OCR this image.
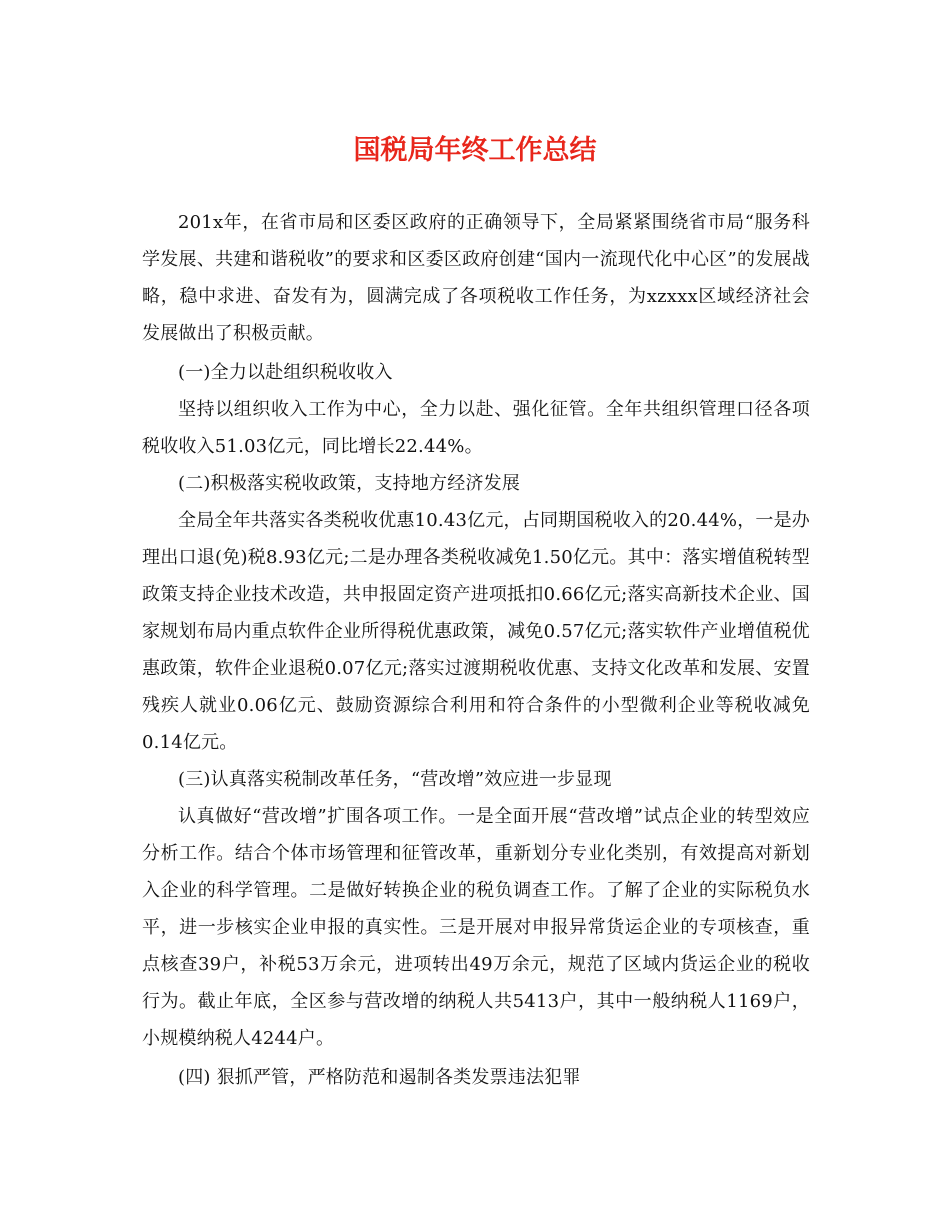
国税局年终工作总结

201x年，在省市局和区委区政府的正确领导下，全局紧紧围绕省市局“服务科学发展、共建和谐税收”的要求和区委区政府创建“国内一流现代化中心区”的发展战略，稳中求进、奋发有为，圆满完成了各项税收工作任务，为xzxxx区域经济社会发展做出了积极贡献。

(一)全力以赴组织税收收入

坚持以组织收入工作为中心，全力以赴、强化征管。全年共组织管理口径各项税收收入51.03亿元，同比增长22.44%。

(二)积极落实税收政策，支持地方经济发展

全局全年共落实各类税收优惠10.43亿元，占同期国税收入的20.44%，一是办理出口退(免)税8.93亿元;二是办理各类税收减免1.50亿元。其中：落实增值税转型政策支持企业技术改造，共申报固定资产进项抵扣0.66亿元;落实高新技术企业、国家规划布局内重点软件企业所得税优惠政策，减免0.57亿元;落实软件产业增值税优惠政策，软件企业退税0.07亿元;落实过渡期税收优惠、支持文化改革和发展、安置残疾人就业0.06亿元、鼓励资源综合利用和符合条件的小型微利企业等税收减免0.14亿元。

(三)认真落实税制改革任务，“营改增”效应进一步显现

认真做好“营改增”扩围各项工作。一是全面开展“营改增”试点企业的转型效应分析工作。结合个体市场管理和征管改革，重新划分专业化类别，有效提高对新划入企业的科学管理。二是做好转换企业的税负调查工作。了解了企业的实际税负水平，进一步核实企业申报的真实性。三是开展对申报异常货运企业的专项核查，重点核查39户，补税53万余元，进项转出49万余元，规范了区域内货运企业的税收行为。截止年底，全区参与营改增的纳税人共5413户，其中一般纳税人1169户，小规模纳税人4244户。

(四) 狠抓严管，严格防范和遏制各类发票违法犯罪
